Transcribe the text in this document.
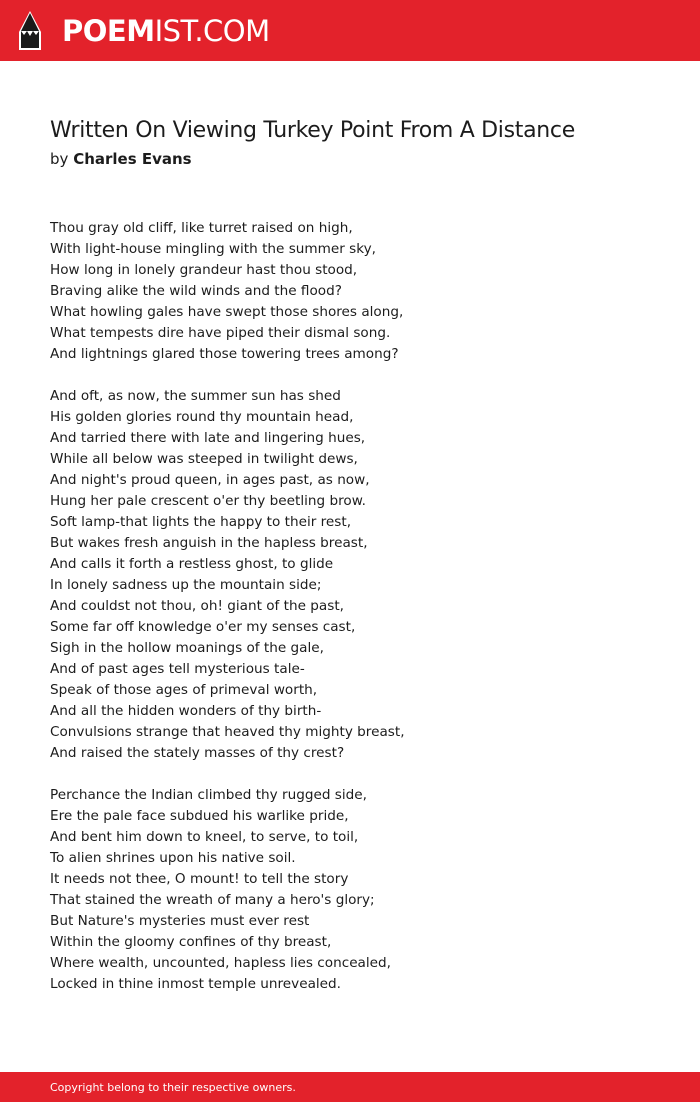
POEMIST.COM
Written On Viewing Turkey Point From A Distance
by Charles Evans
Thou gray old cliff, like turret raised on high,
With light-house mingling with the summer sky,
How long in lonely grandeur hast thou stood,
Braving alike the wild winds and the flood?
What howling gales have swept those shores along,
What tempests dire have piped their dismal song.
And lightnings glared those towering trees among?
And oft, as now, the summer sun has shed
His golden glories round thy mountain head,
And tarried there with late and lingering hues,
While all below was steeped in twilight dews,
And night's proud queen, in ages past, as now,
Hung her pale crescent o'er thy beetling brow.
Soft lamp-that lights the happy to their rest,
But wakes fresh anguish in the hapless breast,
And calls it forth a restless ghost, to glide
In lonely sadness up the mountain side;
And couldst not thou, oh! giant of the past,
Some far off knowledge o'er my senses cast,
Sigh in the hollow moanings of the gale,
And of past ages tell mysterious tale-
Speak of those ages of primeval worth,
And all the hidden wonders of thy birth-
Convulsions strange that heaved thy mighty breast,
And raised the stately masses of thy crest?
Perchance the Indian climbed thy rugged side,
Ere the pale face subdued his warlike pride,
And bent him down to kneel, to serve, to toil,
To alien shrines upon his native soil.
It needs not thee, O mount! to tell the story
That stained the wreath of many a hero's glory;
But Nature's mysteries must ever rest
Within the gloomy confines of thy breast,
Where wealth, uncounted, hapless lies concealed,
Locked in thine inmost temple unrevealed.
Copyright belong to their respective owners.
